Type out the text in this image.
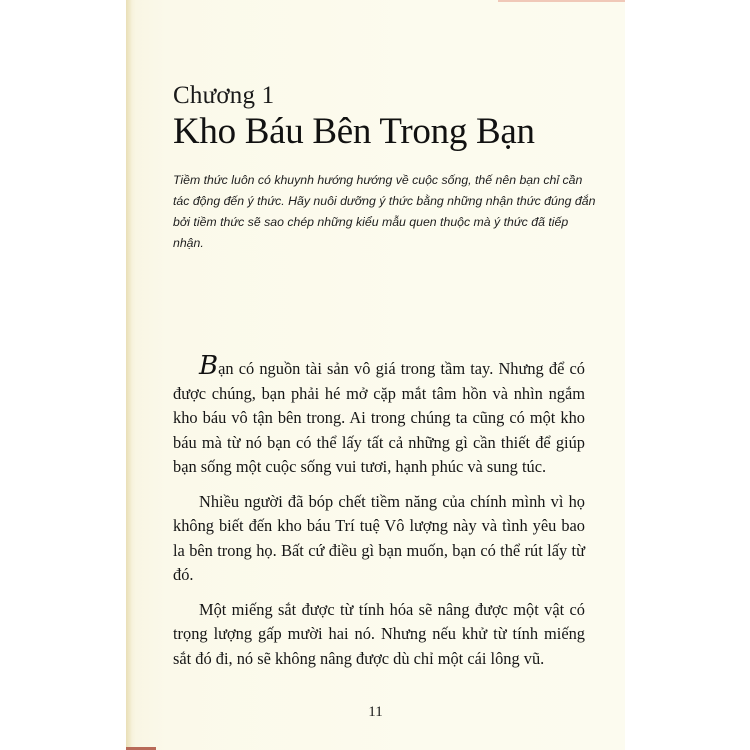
Chương 1
Kho Báu Bên Trong Bạn

Tiềm thức luôn có khuynh hướng hướng về cuộc sống, thế nên bạn chỉ cần tác động đến ý thức. Hãy nuôi dưỡng ý thức bằng những nhận thức đúng đắn bởi tiềm thức sẽ sao chép những kiểu mẫu quen thuộc mà ý thức đã tiếp nhận.

Bạn có nguồn tài sản vô giá trong tầm tay. Nhưng để có được chúng, bạn phải hé mở cặp mắt tâm hồn và nhìn ngắm kho báu vô tận bên trong. Ai trong chúng ta cũng có một kho báu mà từ nó bạn có thể lấy tất cả những gì cần thiết để giúp bạn sống một cuộc sống vui tươi, hạnh phúc và sung túc.

Nhiều người đã bóp chết tiềm năng của chính mình vì họ không biết đến kho báu Trí tuệ Vô lượng này và tình yêu bao la bên trong họ. Bất cứ điều gì bạn muốn, bạn có thể rút lấy từ đó.

Một miếng sắt được từ tính hóa sẽ nâng được một vật có trọng lượng gấp mười hai nó. Nhưng nếu khử từ tính miếng sắt đó đi, nó sẽ không nâng được dù chỉ một cái lông vũ.

11
